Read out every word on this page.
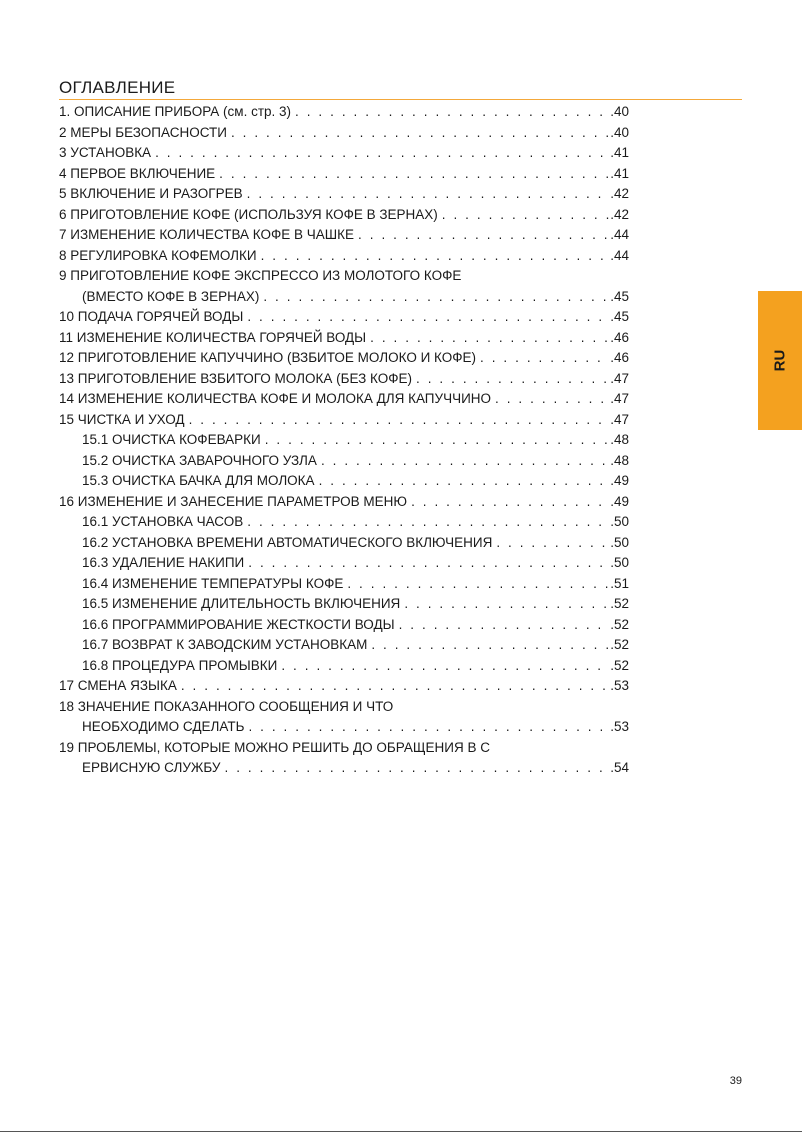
ОГЛАВЛЕНИЕ
1. ОПИСАНИЕ ПРИБОРА (см. стр. 3) . . .	.40
2 МЕРЫ БЕЗОПАСНОСТИ . . .	.40
3 УСТАНОВКА . . .	.41
4 ПЕРВОЕ ВКЛЮЧЕНИЕ . . .	.41
5 ВКЛЮЧЕНИЕ И РАЗОГРЕВ . . .	.42
6 ПРИГОТОВЛЕНИЕ КОФЕ (ИСПОЛЬЗУЯ КОФЕ В ЗЕРНАХ) . . .	.42
7 ИЗМЕНЕНИЕ КОЛИЧЕСТВА КОФЕ В ЧАШКЕ . . .	.44
8 РЕГУЛИРОВКА КОФЕМОЛКИ . . .	.44
9 ПРИГОТОВЛЕНИЕ КОФЕ ЭКСПРЕССО ИЗ МОЛОТОГО КОФЕ
(ВМЕСТО КОФЕ В ЗЕРНАХ) . . .	.45
10 ПОДАЧА ГОРЯЧЕЙ ВОДЫ . . .	.45
11 ИЗМЕНЕНИЕ КОЛИЧЕСТВА ГОРЯЧЕЙ ВОДЫ . . .	.46
12 ПРИГОТОВЛЕНИЕ КАПУЧЧИНО (ВЗБИТОЕ МОЛОКО И КОФЕ) . . .	.46
13 ПРИГОТОВЛЕНИЕ ВЗБИТОГО МОЛОКА (БЕЗ КОФЕ) . . .	.47
14 ИЗМЕНЕНИЕ КОЛИЧЕСТВА КОФЕ И МОЛОКА ДЛЯ КАПУЧЧИНО . . .	.47
15 ЧИСТКА И УХОД . . .	.47
15.1 ОЧИСТКА КОФЕВАРКИ . . .	.48
15.2 ОЧИСТКА ЗАВАРОЧНОГО УЗЛА . . .	.48
15.3 ОЧИСТКА БАЧКА ДЛЯ МОЛОКА . . .	.49
16 ИЗМЕНЕНИЕ И ЗАНЕСЕНИЕ ПАРАМЕТРОВ МЕНЮ . . .	.49
16.1 УСТАНОВКА ЧАСОВ . . .	.50
16.2 УСТАНОВКА ВРЕМЕНИ АВТОМАТИЧЕСКОГО ВКЛЮЧЕНИЯ . . .	.50
16.3 УДАЛЕНИЕ НАКИПИ . . .	.50
16.4 ИЗМЕНЕНИЕ ТЕМПЕРАТУРЫ КОФЕ . . .	.51
16.5 ИЗМЕНЕНИЕ ДЛИТЕЛЬНОСТЬ ВКЛЮЧЕНИЯ . . .	.52
16.6 ПРОГРАММИРОВАНИЕ ЖЕСТКОСТИ ВОДЫ . . .	.52
16.7 ВОЗВРАТ К ЗАВОДСКИМ УСТАНОВКАМ . . .	.52
16.8 ПРОЦЕДУРА ПРОМЫВКИ . . .	.52
17 СМЕНА ЯЗЫКА . . .	.53
18 ЗНАЧЕНИЕ ПОКАЗАННОГО СООБЩЕНИЯ И ЧТО
НЕОБХОДИМО СДЕЛАТЬ . . .	.53
19 ПРОБЛЕМЫ, КОТОРЫЕ МОЖНО РЕШИТЬ ДО ОБРАЩЕНИЯ В С
ЕРВИСНУЮ СЛУЖБУ . . .	.54
RU
39
